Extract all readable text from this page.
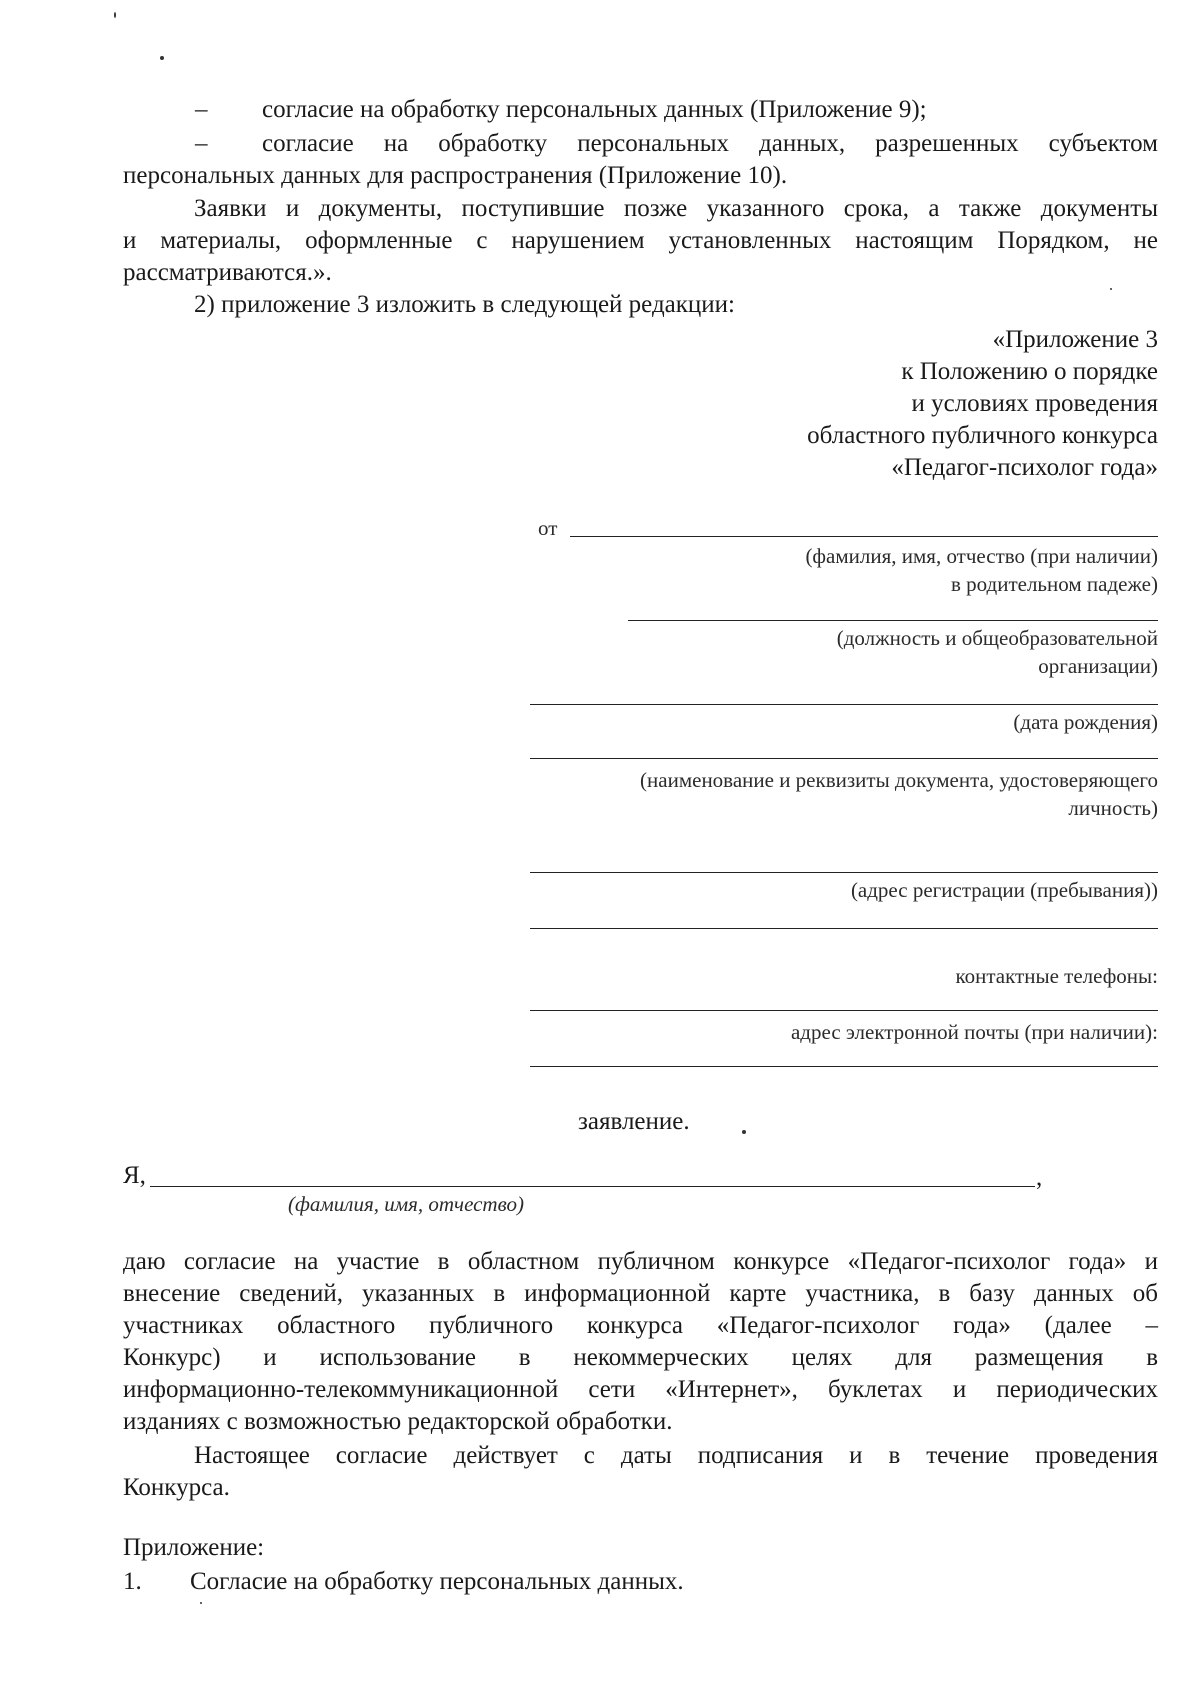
– согласие на обработку персональных данных (Приложение 9);
– согласие на обработку персональных данных, разрешенных субъектом
персональных данных для распространения (Приложение 10).
Заявки и документы, поступившие позже указанного срока, а также документы
и материалы, оформленные с нарушением установленных настоящим Порядком, не
рассматриваются.».
2) приложение 3 изложить в следующей редакции:
«Приложение 3
к Положению о порядке
и условиях проведения
областного публичного конкурса
«Педагог-психолог года»
от
(фамилия, имя, отчество (при наличии)
в родительном падеже)
(должность и общеобразовательной
организации)
(дата рождения)
(наименование и реквизиты документа, удостоверяющего
личность)
(адрес регистрации (пребывания))
контактные телефоны:
адрес электронной почты (при наличии):
заявление.
Я,	,
(фамилия, имя, отчество)
даю согласие на участие в областном публичном конкурсе «Педагог-психолог года» и
внесение сведений, указанных в информационной карте участника, в базу данных об
участниках областного публичного конкурса «Педагог-психолог года» (далее –
Конкурс) и использование в некоммерческих целях для размещения в
информационно-телекоммуникационной сети «Интернет», буклетах и периодических
изданиях с возможностью редакторской обработки.
Настоящее согласие действует с даты подписания и в течение проведения
Конкурса.
Приложение:
1. Согласие на обработку персональных данных.
